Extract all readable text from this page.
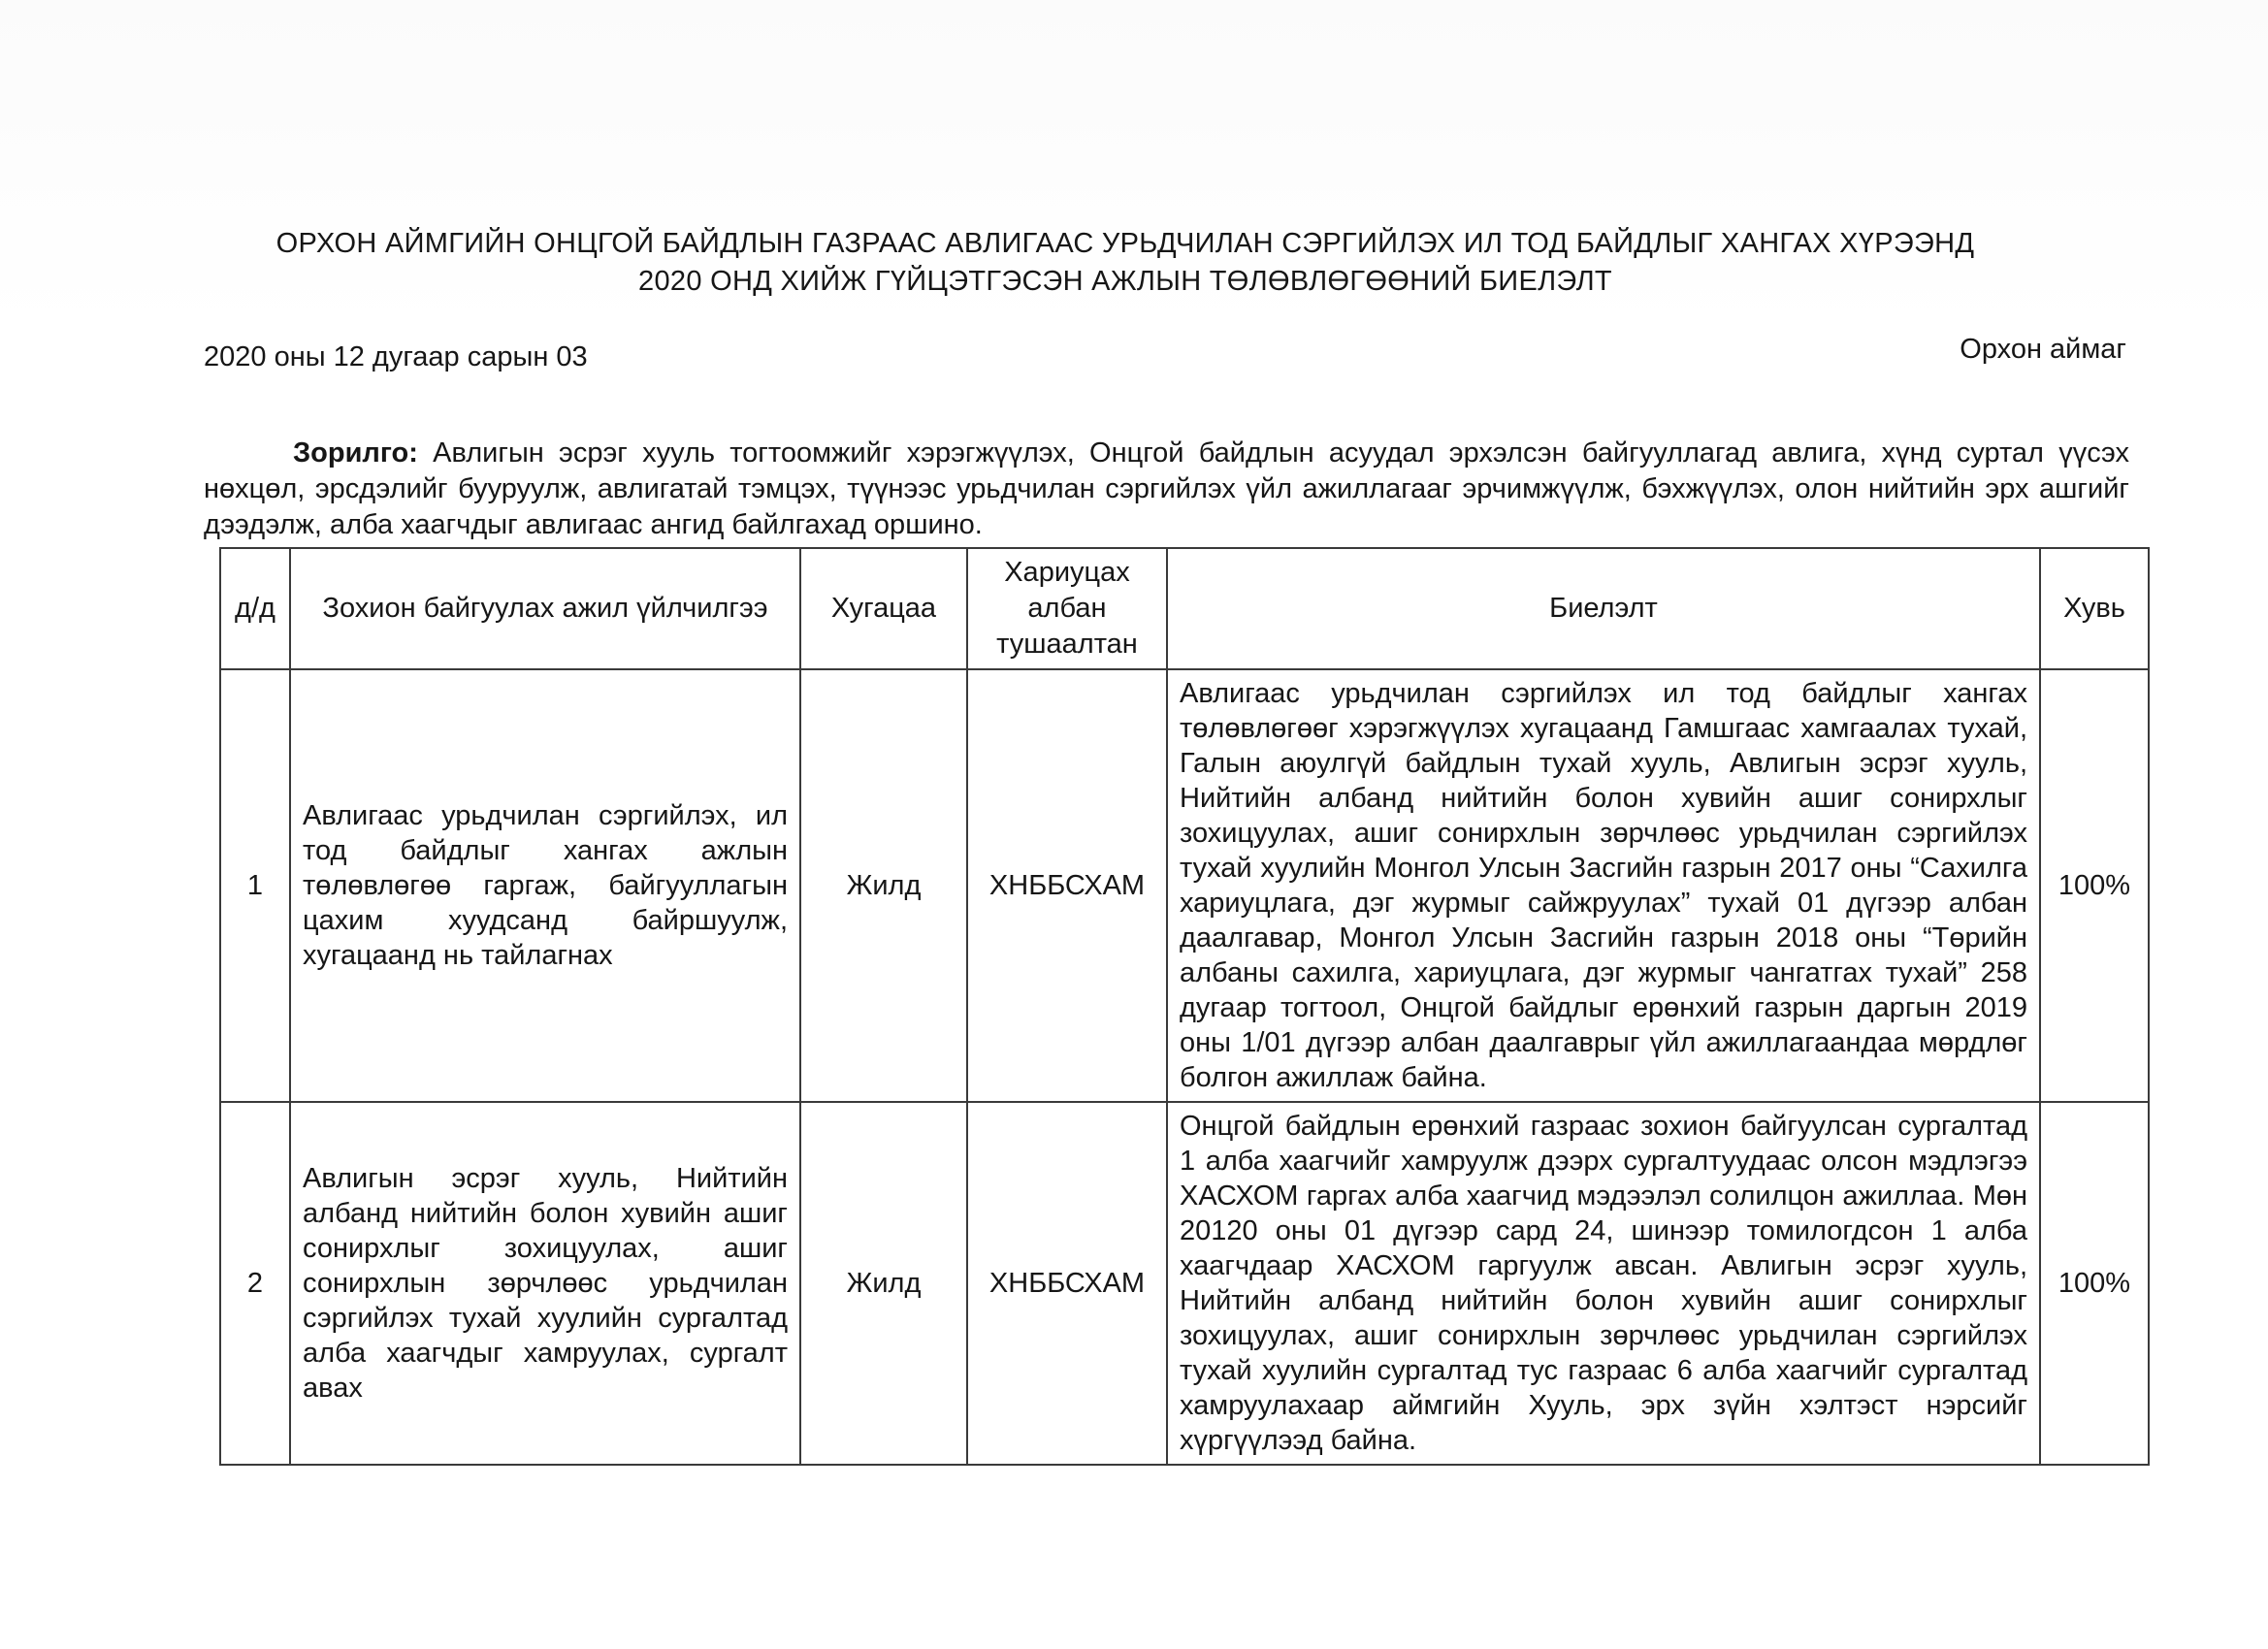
ОРХОН АЙМГИЙН ОНЦГОЙ БАЙДЛЫН ГАЗРААС АВЛИГААС УРЬДЧИЛАН СЭРГИЙЛЭХ ИЛ ТОД БАЙДЛЫГ ХАНГАХ ХҮРЭЭНД
2020 ОНД ХИЙЖ ГҮЙЦЭТГЭСЭН АЖЛЫН ТӨЛӨВЛӨГӨӨНИЙ БИЕЛЭЛТ
2020 оны 12 дугаар сарын 03	Орхон аймаг

Зорилго: Авлигын эсрэг хууль тогтоомжийг хэрэгжүүлэх, Онцгой байдлын асуудал эрхэлсэн байгууллагад авлига, хүнд суртал үүсэх нөхцөл, эрсдэлийг бууруулж, авлигатай тэмцэх, түүнээс урьдчилан сэргийлэх үйл ажиллагааг эрчимжүүлж, бэхжүүлэх, олон нийтийн эрх ашгийг дээдэлж, алба хаагчдыг авлигаас ангид байлгахад оршино.

д/д	Зохион байгуулах ажил үйлчилгээ	Хугацаа	Хариуцах албан тушаалтан	Биелэлт	Хувь
1	Авлигаас урьдчилан сэргийлэх, ил тод байдлыг хангах ажлын төлөвлөгөө гаргаж, байгууллагын цахим хуудсанд байршуулж, хугацаанд нь тайлагнах	Жилд	ХНББСХАМ	Авлигаас урьдчилан сэргийлэх ил тод байдлыг хангах төлөвлөгөөг хэрэгжүүлэх хугацаанд Гамшгаас хамгаалах тухай, Галын аюулгүй байдлын тухай хууль, Авлигын эсрэг хууль, Нийтийн албанд нийтийн болон хувийн ашиг сонирхлыг зохицуулах, ашиг сонирхлын зөрчлөөс урьдчилан сэргийлэх тухай хуулийн Монгол Улсын Засгийн газрын 2017 оны “Сахилга хариуцлага, дэг журмыг сайжруулах” тухай 01 дүгээр албан даалгавар, Монгол Улсын Засгийн газрын 2018 оны “Төрийн албаны сахилга, хариуцлага, дэг журмыг чангатгах тухай” 258 дугаар тогтоол, Онцгой байдлыг ерөнхий газрын даргын 2019 оны 1/01 дүгээр албан даалгаврыг үйл ажиллагаандаа мөрдлөг болгон ажиллаж байна.	100%
2	Авлигын эсрэг хууль, Нийтийн албанд нийтийн болон хувийн ашиг сонирхлыг зохицуулах, ашиг сонирхлын зөрчлөөс урьдчилан сэргийлэх тухай хуулийн сургалтад алба хаагчдыг хамруулах, сургалт авах	Жилд	ХНББСХАМ	Онцгой байдлын ерөнхий газраас зохион байгуулсан сургалтад 1 алба хаагчийг хамруулж дээрх сургалтуудаас олсон мэдлэгээ ХАСХОМ гаргах алба хаагчид мэдээлэл солилцон ажиллаа. Мөн 20120 оны 01 дүгээр сард 24, шинээр томилогдсон 1 алба хаагчдаар ХАСХОМ гаргуулж авсан. Авлигын эсрэг хууль, Нийтийн албанд нийтийн болон хувийн ашиг сонирхлыг зохицуулах, ашиг сонирхлын зөрчлөөс урьдчилан сэргийлэх тухай хуулийн сургалтад тус газраас 6 алба хаагчийг сургалтад хамруулахаар аймгийн Хууль, эрх зүйн хэлтэст нэрсийг хүргүүлээд байна.	100%
